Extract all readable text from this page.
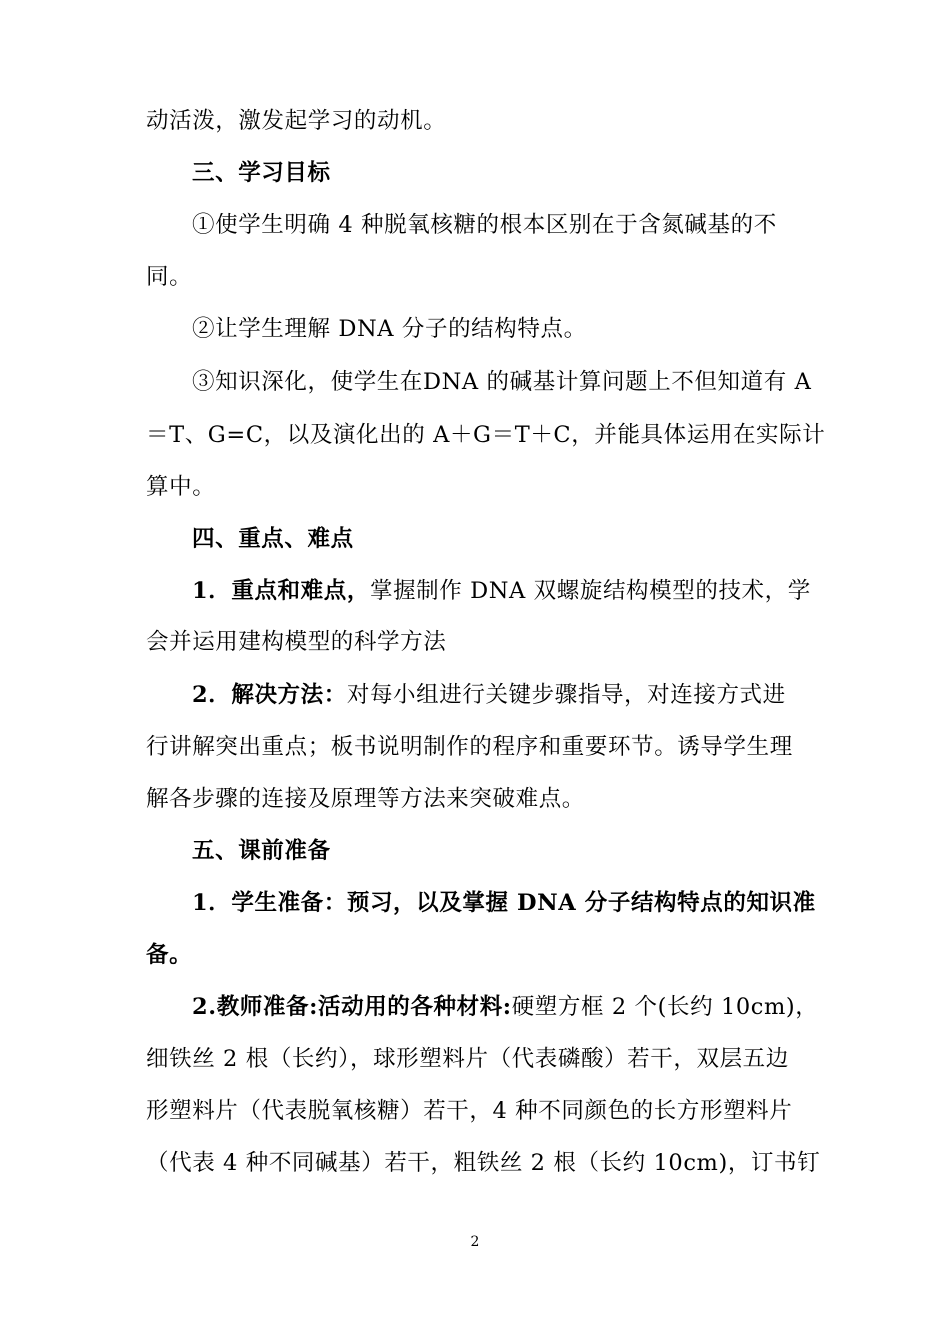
动活泼，激发起学习的动机。
三、学习目标
①使学生明确 4 种脱氧核糖的根本区别在于含氮碱基的不
同。
②让学生理解 DNA 分子的结构特点。
③知识深化，使学生在DNA 的碱基计算问题上不但知道有 A
＝T、G=C，以及演化出的 A＋G＝T＋C，并能具体运用在实际计
算中。
四、重点、难点
1．重点和难点，掌握制作 DNA 双螺旋结构模型的技术，学
会并运用建构模型的科学方法
2．解决方法：对每小组进行关键步骤指导，对连接方式进
行讲解突出重点；板书说明制作的程序和重要环节。诱导学生理
解各步骤的连接及原理等方法来突破难点。
五、课前准备
1．学生准备：预习，以及掌握 DNA 分子结构特点的知识准
备。
2.教师准备:活动用的各种材料:硬塑方框 2 个(长约 10cm)，
细铁丝 2 根（长约），球形塑料片（代表磷酸）若干，双层五边
形塑料片（代表脱氧核糖）若干，4 种不同颜色的长方形塑料片
（代表 4 种不同碱基）若干，粗铁丝 2 根（长约 10cm)，订书钉
2
